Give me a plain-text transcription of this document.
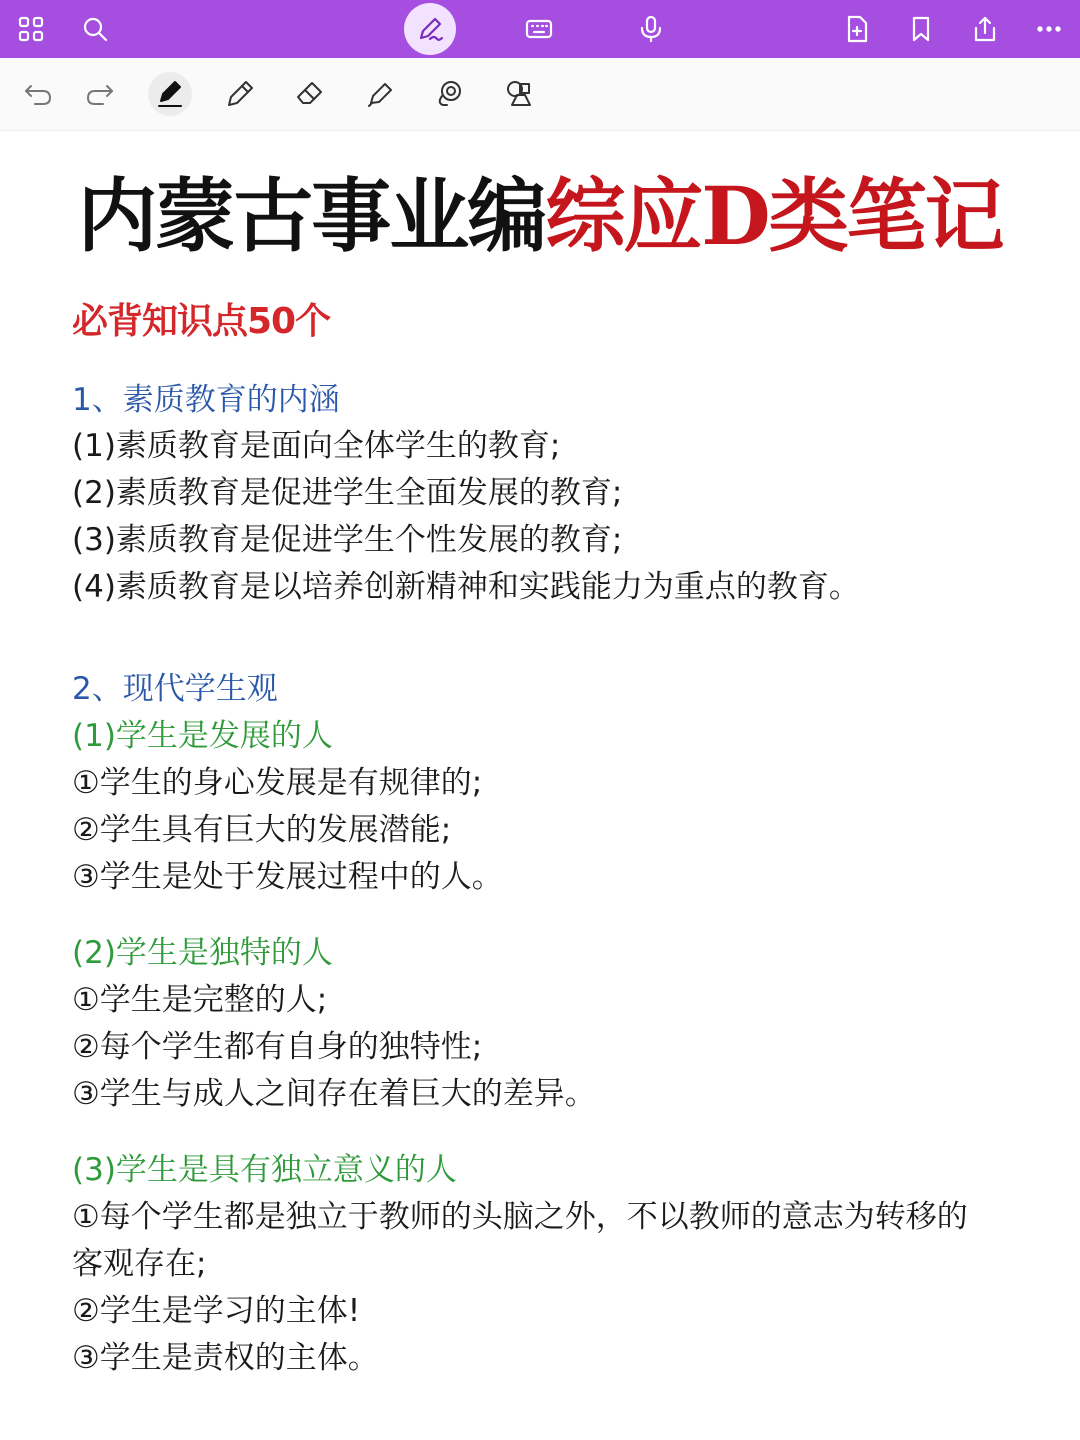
内蒙古事业编综应D类笔记
必背知识点50个
1、素质教育的内涵
(1)素质教育是面向全体学生的教育;
(2)素质教育是促进学生全面发展的教育;
(3)素质教育是促进学生个性发展的教育;
(4)素质教育是以培养创新精神和实践能力为重点的教育。
2、现代学生观
(1)学生是发展的人
①学生的身心发展是有规律的;
②学生具有巨大的发展潜能;
③学生是处于发展过程中的人。
(2)学生是独特的人
①学生是完整的人;
②每个学生都有自身的独特性;
③学生与成人之间存在着巨大的差异。
(3)学生是具有独立意义的人
①每个学生都是独立于教师的头脑之外，不以教师的意志为转移的
客观存在;
②学生是学习的主体!
③学生是责权的主体。
